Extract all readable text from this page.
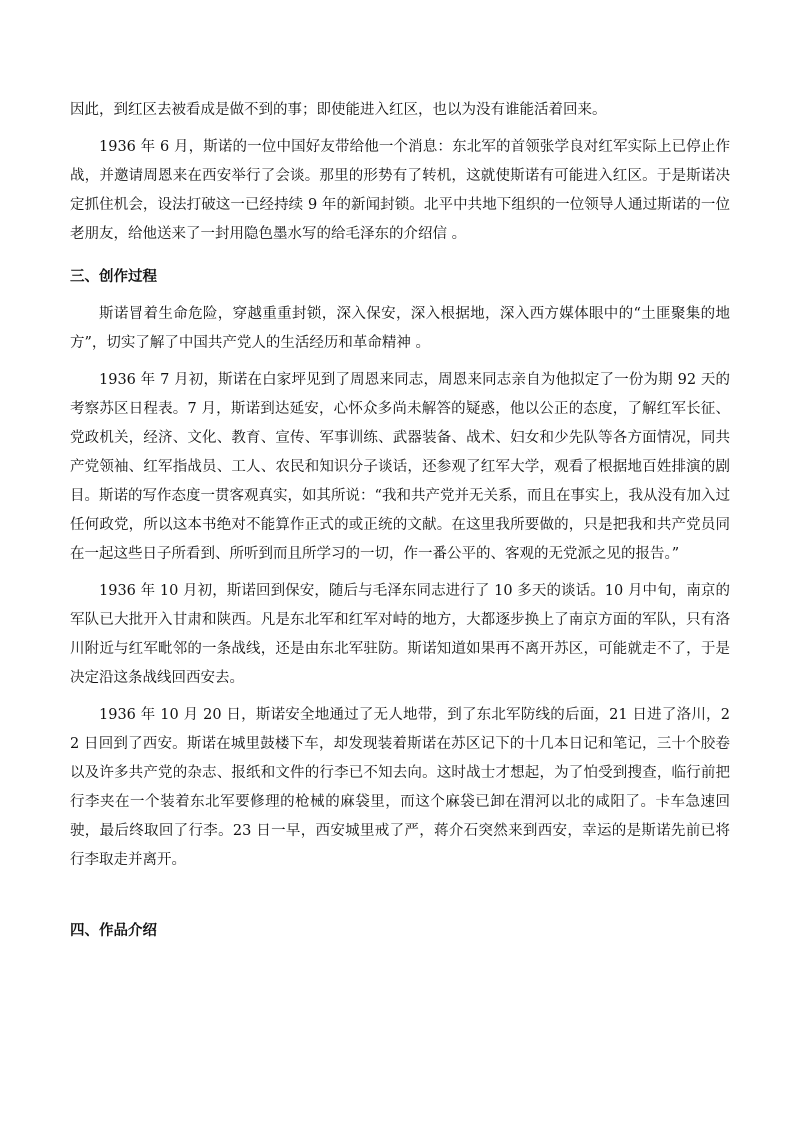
因此，到红区去被看成是做不到的事；即使能进入红区，也以为没有谁能活着回来。

1936 年 6 月，斯诺的一位中国好友带给他一个消息：东北军的首领张学良对红军实际上已停止作战，并邀请周恩来在西安举行了会谈。那里的形势有了转机，这就使斯诺有可能进入红区。于是斯诺决定抓住机会，设法打破这一已经持续 9 年的新闻封锁。北平中共地下组织的一位领导人通过斯诺的一位老朋友，给他送来了一封用隐色墨水写的给毛泽东的介绍信 。

三、创作过程

斯诺冒着生命危险，穿越重重封锁，深入保安，深入根据地，深入西方媒体眼中的“土匪聚集的地方”，切实了解了中国共产党人的生活经历和革命精神 。

1936 年 7 月初，斯诺在白家坪见到了周恩来同志，周恩来同志亲自为他拟定了一份为期 92 天的考察苏区日程表。7 月，斯诺到达延安，心怀众多尚未解答的疑惑，他以公正的态度，了解红军长征、党政机关，经济、文化、教育、宣传、军事训练、武器装备、战术、妇女和少先队等各方面情况，同共产党领袖、红军指战员、工人、农民和知识分子谈话，还参观了红军大学，观看了根据地百姓排演的剧目。斯诺的写作态度一贯客观真实，如其所说：“我和共产党并无关系，而且在事实上，我从没有加入过任何政党，所以这本书绝对不能算作正式的或正统的文献。在这里我所要做的，只是把我和共产党员同在一起这些日子所看到、所听到而且所学习的一切，作一番公平的、客观的无党派之见的报告。”

1936 年 10 月初，斯诺回到保安，随后与毛泽东同志进行了 10 多天的谈话。10 月中旬，南京的军队已大批开入甘肃和陕西。凡是东北军和红军对峙的地方，大都逐步换上了南京方面的军队，只有洛川附近与红军毗邻的一条战线，还是由东北军驻防。斯诺知道如果再不离开苏区，可能就走不了，于是决定沿这条战线回西安去。

1936 年 10 月 20 日，斯诺安全地通过了无人地带，到了东北军防线的后面，21 日进了洛川，22 日回到了西安。斯诺在城里鼓楼下车，却发现装着斯诺在苏区记下的十几本日记和笔记，三十个胶卷以及许多共产党的杂志、报纸和文件的行李已不知去向。这时战士才想起，为了怕受到搜查，临行前把行李夹在一个装着东北军要修理的枪械的麻袋里，而这个麻袋已卸在渭河以北的咸阳了。卡车急速回驶，最后终取回了行李。23 日一早，西安城里戒了严，蒋介石突然来到西安，幸运的是斯诺先前已将行李取走并离开。

四、作品介绍
